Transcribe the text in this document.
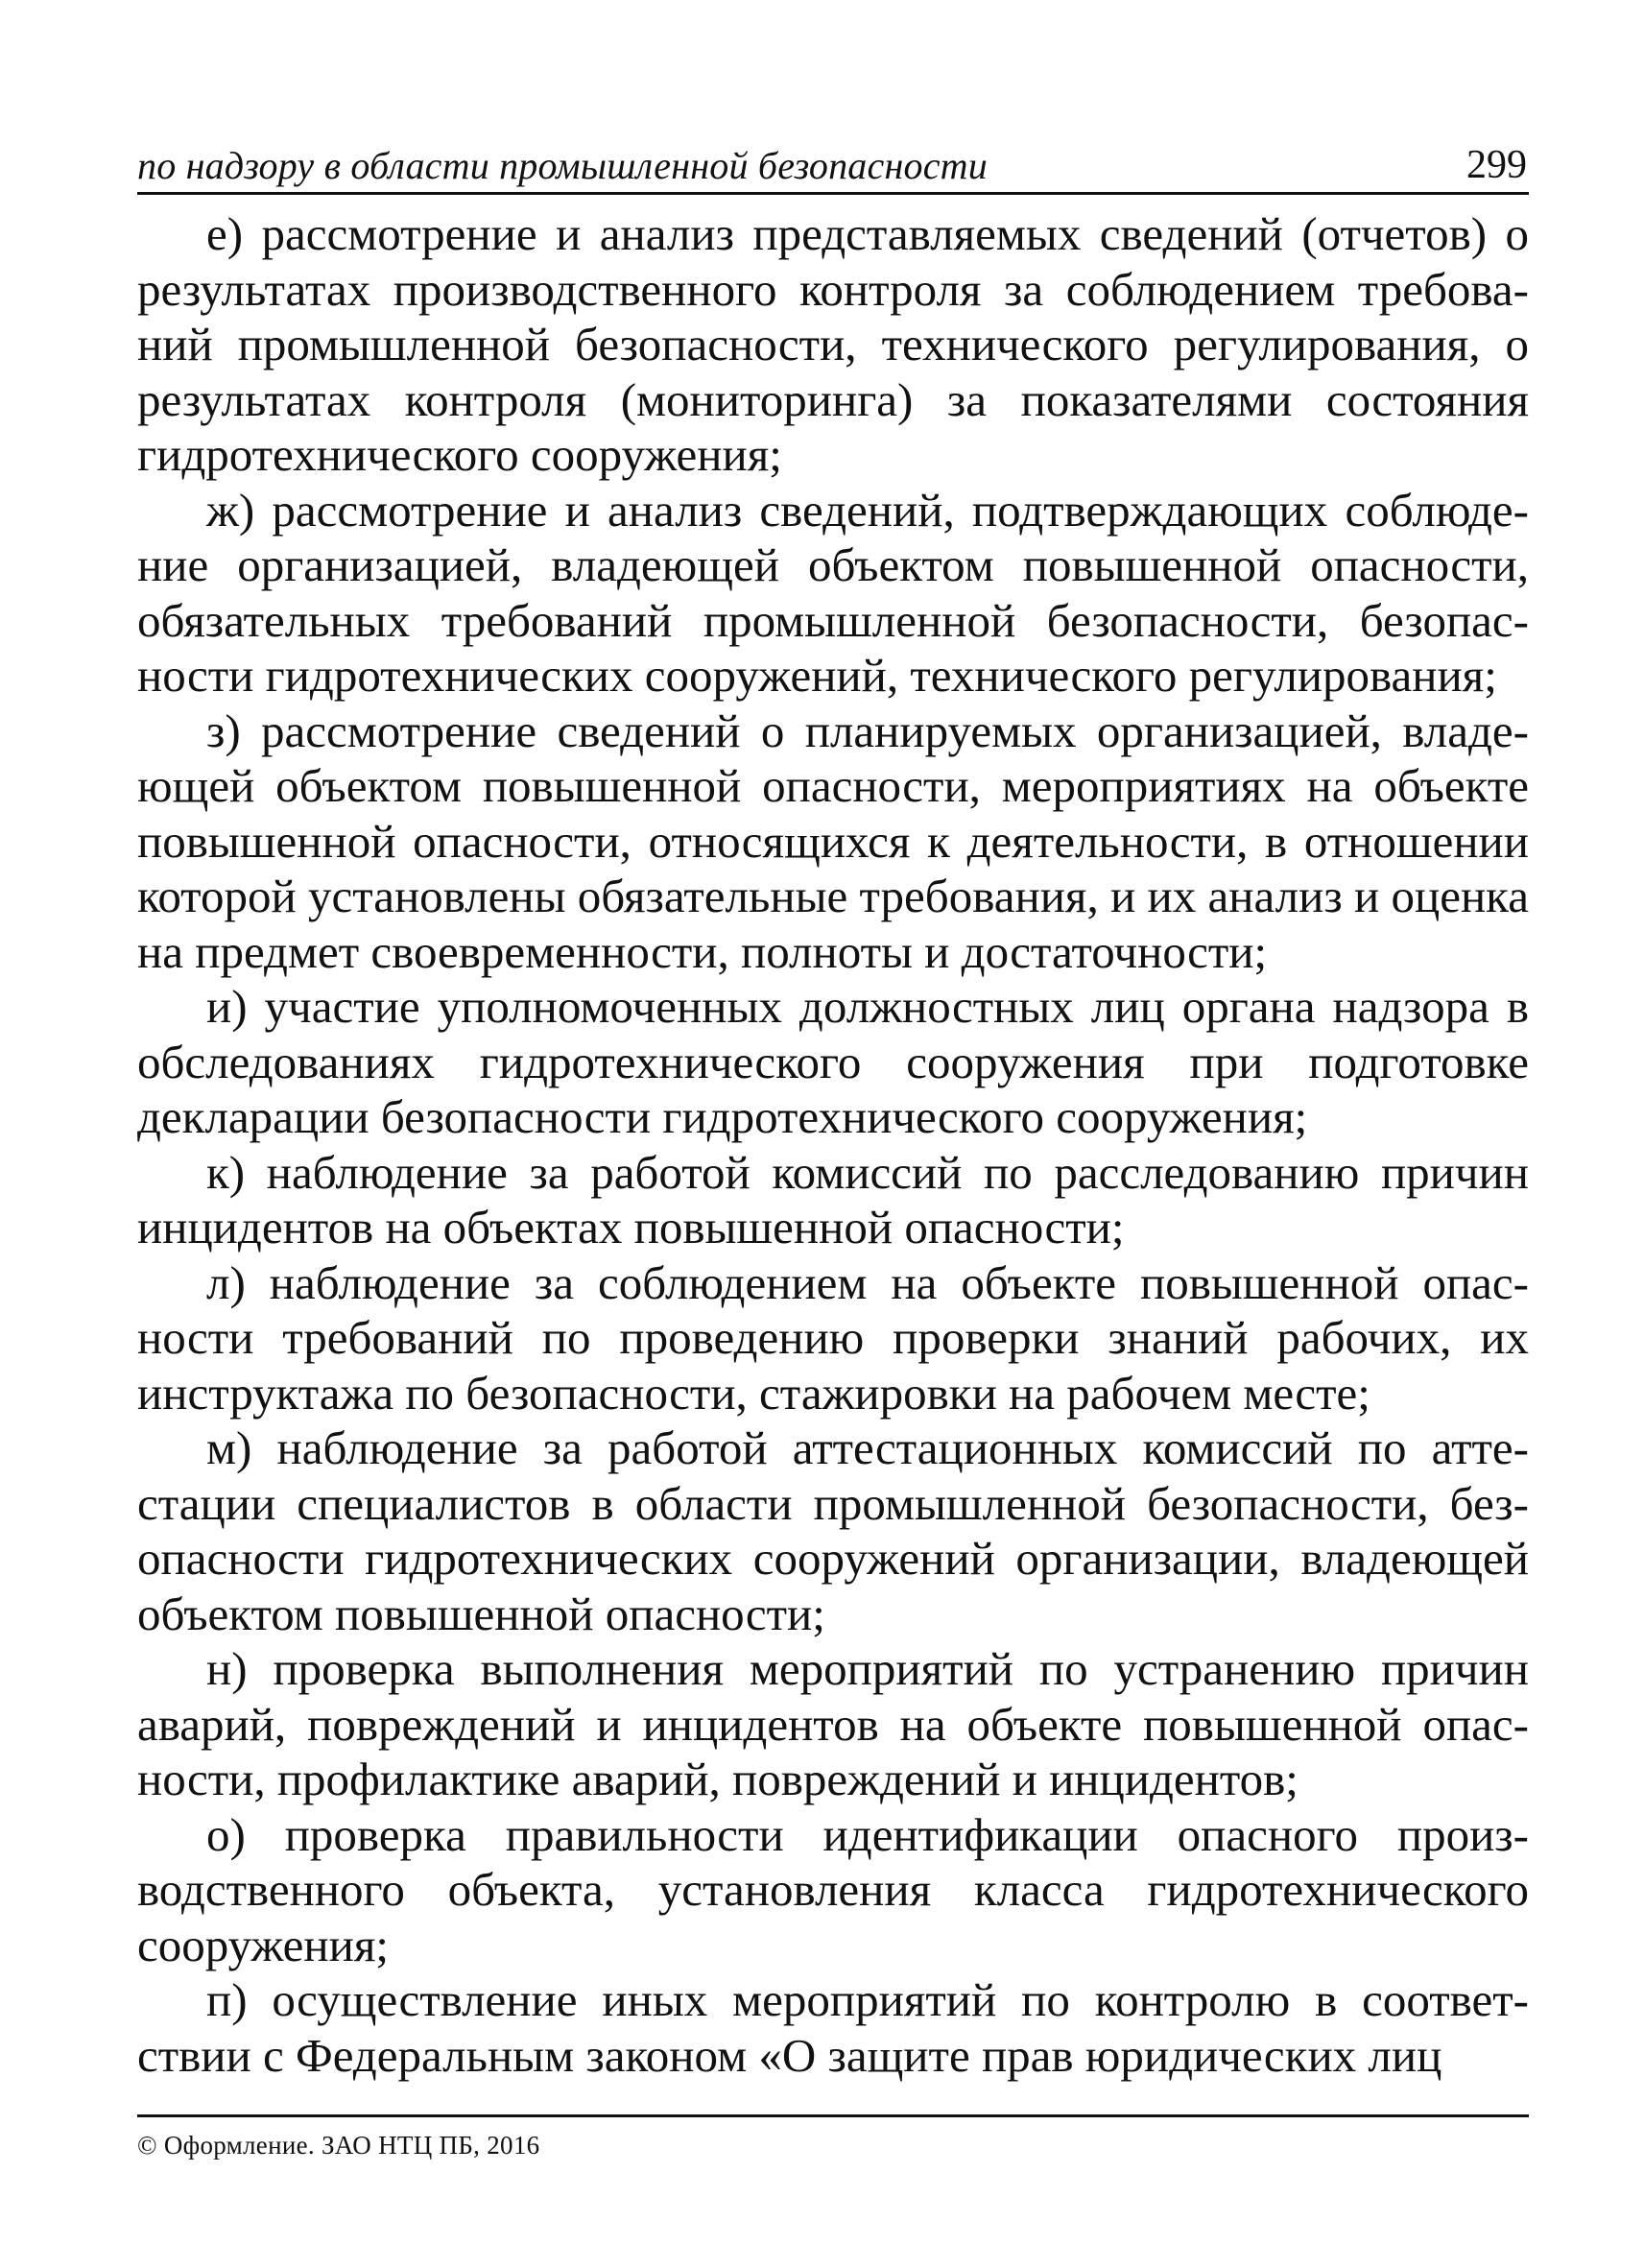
по надзору в области промышленной безопасности	299

е) рассмотрение и анализ представляемых сведений (отчетов) о результатах производственного контроля за соблюдением требований промышленной безопасности, технического регулирования, о результатах контроля (мониторинга) за показателями состояния гидротехнического сооружения;

ж) рассмотрение и анализ сведений, подтверждающих соблюдение организацией, владеющей объектом повышенной опасности, обязательных требований промышленной безопасности, безопасности гидротехнических сооружений, технического регулирования;

з) рассмотрение сведений о планируемых организацией, владеющей объектом повышенной опасности, мероприятиях на объекте повышенной опасности, относящихся к деятельности, в отношении которой установлены обязательные требования, и их анализ и оценка на предмет своевременности, полноты и достаточности;

и) участие уполномоченных должностных лиц органа надзора в обследованиях гидротехнического сооружения при подготовке декларации безопасности гидротехнического сооружения;

к) наблюдение за работой комиссий по расследованию причин инцидентов на объектах повышенной опасности;

л) наблюдение за соблюдением на объекте повышенной опасности требований по проведению проверки знаний рабочих, их инструктажа по безопасности, стажировки на рабочем месте;

м) наблюдение за работой аттестационных комиссий по аттестации специалистов в области промышленной безопасности, безопасности гидротехнических сооружений организации, владеющей объектом повышенной опасности;

н) проверка выполнения мероприятий по устранению причин аварий, повреждений и инцидентов на объекте повышенной опасности, профилактике аварий, повреждений и инцидентов;

о) проверка правильности идентификации опасного производственного объекта, установления класса гидротехнического сооружения;

п) осуществление иных мероприятий по контролю в соответствии с Федеральным законом «О защите прав юридических лиц

© Оформление. ЗАО НТЦ ПБ, 2016
